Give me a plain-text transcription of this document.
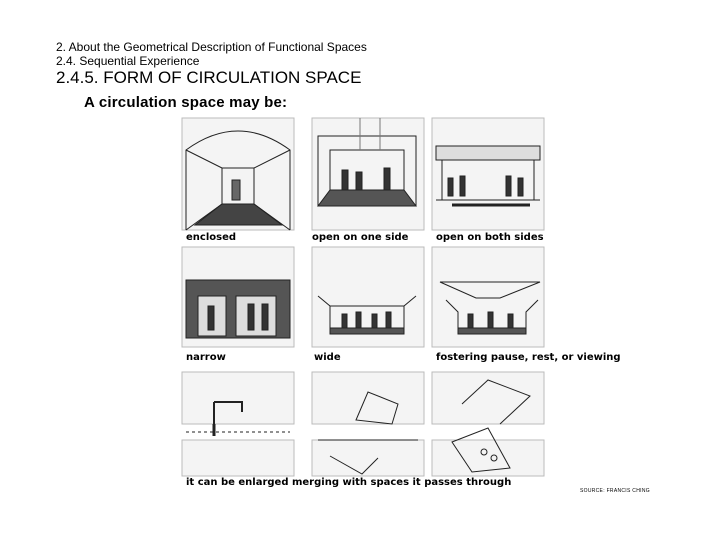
2. About the Geometrical Description of Functional Spaces
2.4. Sequential Experience
2.4.5. FORM OF CIRCULATION SPACE
A circulation space may be:
enclosed	open on one side	open on both sides
narrow	wide	fostering pause, rest, or viewing
it can be enlarged merging with spaces it passes through
SOURCE: FRANCIS CHING
